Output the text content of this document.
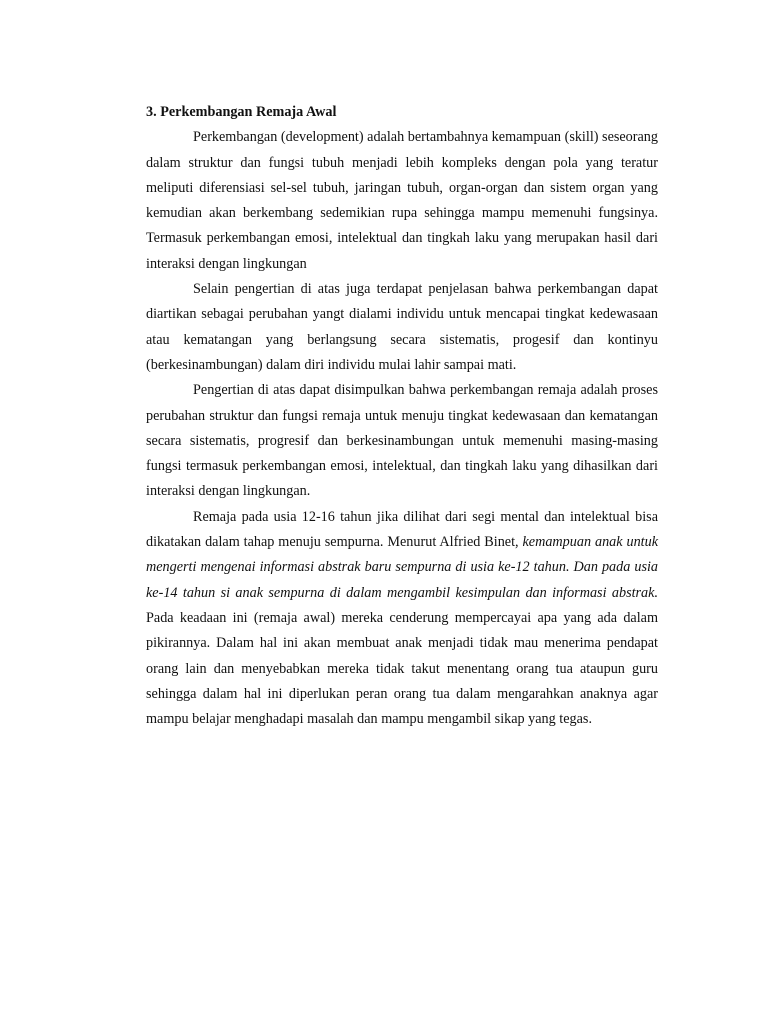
3. Perkembangan Remaja Awal

Perkembangan (development) adalah bertambahnya kemampuan (skill) seseorang dalam struktur dan fungsi tubuh menjadi lebih kompleks dengan pola yang teratur meliputi diferensiasi sel-sel tubuh, jaringan tubuh, organ-organ dan sistem organ yang kemudian akan berkembang sedemikian rupa sehingga mampu memenuhi fungsinya. Termasuk perkembangan emosi, intelektual dan tingkah laku yang merupakan hasil dari interaksi dengan lingkungan

Selain pengertian di atas juga terdapat penjelasan bahwa perkembangan dapat diartikan sebagai perubahan yangt dialami individu untuk mencapai tingkat kedewasaan atau kematangan yang berlangsung secara sistematis, progesif dan kontinyu (berkesinambungan) dalam diri individu mulai lahir sampai mati.

Pengertian di atas dapat disimpulkan bahwa perkembangan remaja adalah proses perubahan struktur dan fungsi remaja untuk menuju tingkat kedewasaan dan kematangan secara sistematis, progresif dan berkesinambungan untuk memenuhi masing-masing fungsi termasuk perkembangan emosi, intelektual, dan tingkah laku yang dihasilkan dari interaksi dengan lingkungan.

Remaja pada usia 12-16 tahun jika dilihat dari segi mental dan intelektual bisa dikatakan dalam tahap menuju sempurna. Menurut Alfried Binet, kemampuan anak untuk mengerti mengenai informasi abstrak baru sempurna di usia ke-12 tahun. Dan pada usia ke-14 tahun si anak sempurna di dalam mengambil kesimpulan dan informasi abstrak. Pada keadaan ini (remaja awal) mereka cenderung mempercayai apa yang ada dalam pikirannya. Dalam hal ini akan membuat anak menjadi tidak mau menerima pendapat orang lain dan menyebabkan mereka tidak takut menentang orang tua ataupun guru sehingga dalam hal ini diperlukan peran orang tua dalam mengarahkan anaknya agar mampu belajar menghadapi masalah dan mampu mengambil sikap yang tegas.
